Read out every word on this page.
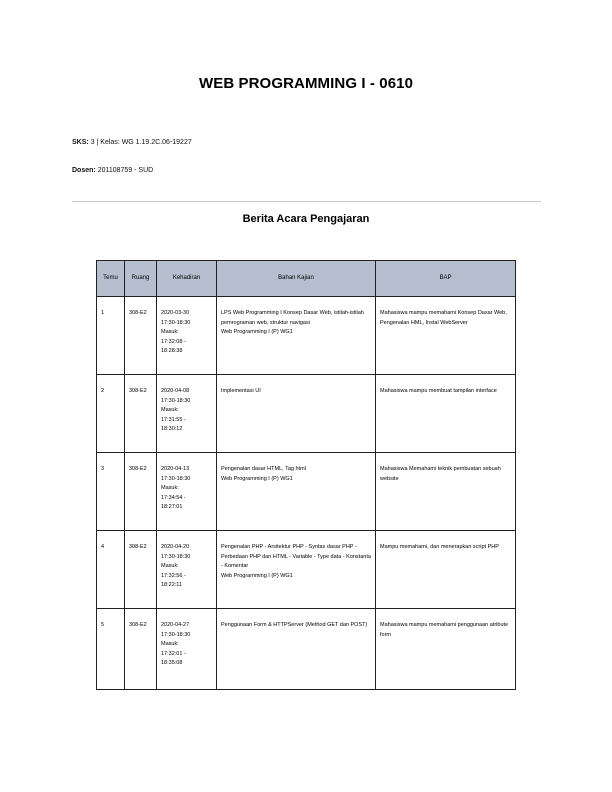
WEB PROGRAMMING I - 0610
SKS: 3 | Kelas: WG 1.19.2C.06-19227
Dosen: 201108759 - SUD
Berita Acara Pengajaran
Temu	Ruang	Kehadiran	Bahan Kajian	BAP
1	308-E2	2020-03-30
17:30-18:30
Masuk:
17:32:08 -
18:28:38	LPS Web Programming I Konsep Dasar Web, istilah-istilah pemrograman web, struktur navigasi
Web Programming I (P) WG1	Mahasiswa mampu memahami Konsep Dasar Web, Pengenalan HML, Instal WebServer

2	308-E2	2020-04-08
17:30-18:30
Masuk:
17:31:55 -
18:30:12	Implementasi UI	Mahasiswa mampu membuat tampilan interface

3	308-E2	2020-04-13
17:30-18:30
Masuk:
17:34:54 -
18:27:01	Pengenalan dasar HTML, Tag html
Web Programming I (P) WG1	Mahasiswa Memahami teknik pembuatan sebuah website

4	308-E2	2020-04-20
17:30-18:30
Masuk:
17:32:56 -
18:22:11	Pengenalan PHP - Arsitektur PHP - Syntax dasar PHP - Perbedaan PHP dan HTML - Variable - Type data - Konstanta - Komentar
Web Programming I (P) WG1	Mampu memahami, dan menerapkan script PHP

5	308-E2	2020-04-27
17:30-18:30
Masuk:
17:32:01 -
18:35:08	Penggunaan Form & HTTPServer (Method GET dan POST)	Mahasiswa mampu memahami penggunaan atribute form
